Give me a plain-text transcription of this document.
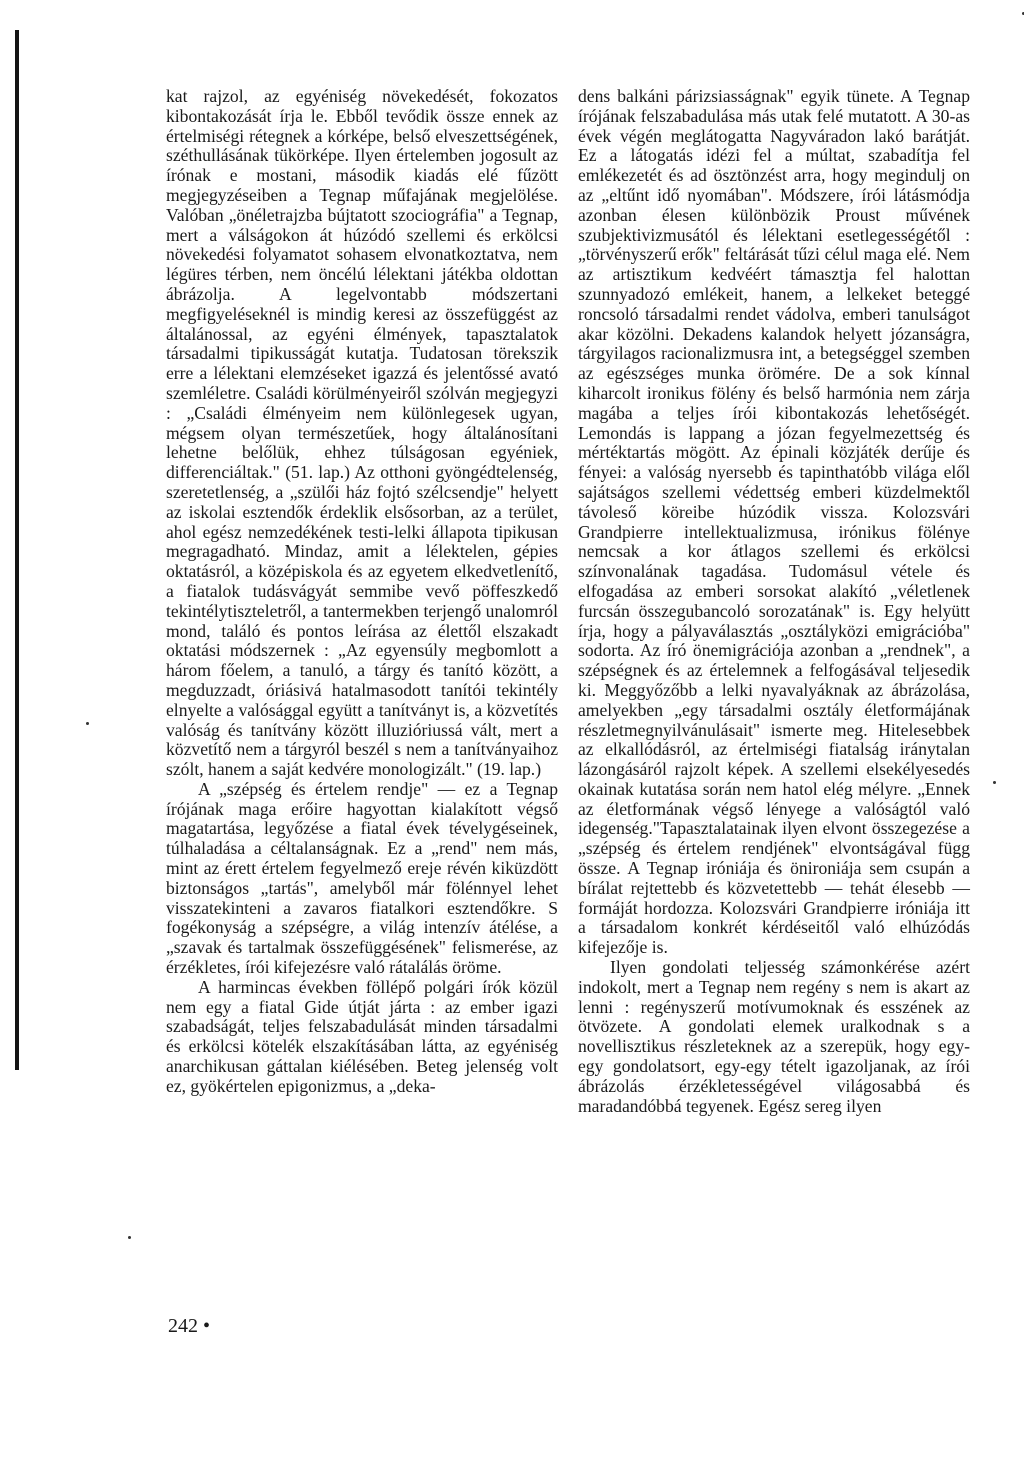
kat rajzol, az egyéniség növekedését, fokozatos kibontakozását írja le. Ebből tevődik össze ennek az értelmiségi rétegnek a kórképe, belső elveszettségének, széthullásának tükörképe. Ilyen értelemben jogosult az írónak e mostani, második kiadás elé fűzött megjegyzéseiben a Tegnap műfajának megjelölése. Valóban „önéletrajzba bújtatott szociográfia" a Tegnap, mert a válságokon át húzódó szellemi és erkölcsi növekedési folyamatot sohasem elvonatkoztatva, nem légüres térben, nem öncélú lélektani játékba oldottan ábrázolja. A legelvontabb módszertani megfigyeléseknél is mindig keresi az összefüggést az általánossal, az egyéni élmények, tapasztalatok társadalmi tipikusságát kutatja. Tudatosan törekszik erre a lélektani elemzéseket igazzá és jelentőssé avató szemléletre. Családi körülményeiről szólván megjegyzi : „Családi élményeim nem különlegesek ugyan, mégsem olyan természetűek, hogy általánosítani lehetne belőlük, ehhez túlságosan egyéniek, differenciáltak." (51. lap.) Az otthoni gyöngédtelenség, szeretetlenség, a „szülői ház fojtó szélcsendje" helyett az iskolai esztendők érdeklik elsősorban, az a terület, ahol egész nemzedékének testi-lelki állapota tipikusan megragadható. Mindaz, amit a lélektelen, gépies oktatásról, a középiskola és az egyetem elkedvetlenítő, a fiatalok tudásvágyát semmibe vevő pöffeszkedő tekintélytiszteletről, a tantermekben terjengő unalomról mond, találó és pontos leírása az élettől elszakadt oktatási módszernek : „Az egyensúly megbomlott a három főelem, a tanuló, a tárgy és tanító között, a megduzzadt, óriásivá hatalmasodott tanítói tekintély elnyelte a valósággal együtt a tanítványt is, a közvetítés valóság és tanítvány között illuzióriussá vált, mert a közvetítő nem a tárgyról beszél s nem a tanítványaihoz szólt, hanem a saját kedvére monologizált." (19. lap.)

A „szépség és értelem rendje" — ez a Tegnap írójának maga erőire hagyottan kialakított végső magatartása, legyőzése a fiatal évek tévelygéseinek, túlhaladása a céltalanságnak. Ez a „rend" nem más, mint az érett értelem fegyelmező ereje révén kiküzdött biztonságos „tartás", amelyből már fölénnyel lehet visszatekinteni a zavaros fiatalkori esztendőkre. S fogékonyság a szépségre, a világ intenzív átélése, a „szavak és tartalmak összefüggésének" felismerése, az érzékletes, írói kifejezésre való rátalálás öröme.

A harmincas években föllépő polgári írók közül nem egy a fiatal Gide útját járta : az ember igazi szabadságát, teljes felszabadulását minden társadalmi és erkölcsi kötelék elszakításában látta, az egyéniség anarchikusan gáttalan kiélésében. Beteg jelenség volt ez, gyökértelen epigonizmus, a „deka-

dens balkáni párizsiasságnak" egyik tünete. A Tegnap írójának felszabadulása más utak felé mutatott. A 30-as évek végén meglátogatta Nagyváradon lakó barátját. Ez a látogatás idézi fel a múltat, szabadítja fel emlékezetét és ad ösztönzést arra, hogy megindulj on az „eltűnt idő nyomában". Módszere, írói látásmódja azonban élesen különbözik Proust művének szubjektivizmusától és lélektani esetlegességétől : „törvényszerű erők" feltárását tűzi célul maga elé. Nem az artisztikum kedvéért támasztja fel halottan szunnyadozó emlékeit, hanem, a lelkeket beteggé roncsoló társadalmi rendet vádolva, emberi tanulságot akar közölni. Dekadens kalandok helyett józanságra, tárgyilagos racionalizmusra int, a betegséggel szemben az egészséges munka örömére. De a sok kínnal kiharcolt ironikus fölény és belső harmónia nem zárja magába a teljes írói kibontakozás lehetőségét. Lemondás is lappang a józan fegyelmezettség és mértéktartás mögött. Az épinali közjáték derűje és fényei: a valóság nyersebb és tapinthatóbb világa elől sajátságos szellemi védettség emberi küzdelmektől távoleső köreibe húzódik vissza. Kolozsvári Grandpierre intellektualizmusa, irónikus fölénye nemcsak a kor átlagos szellemi és erkölcsi színvonalának tagadása. Tudomásul vétele és elfogadása az emberi sorsokat alakító „véletlenek furcsán összegubancoló sorozatának" is. Egy helyütt írja, hogy a pályaválasztás „osztályközi emigrációba" sodorta. Az író önemigrációja azonban a „rendnek", a szépségnek és az értelemnek a felfogásával teljesedik ki. Meggyőzőbb a lelki nyavalyáknak az ábrázolása, amelyekben „egy társadalmi osztály életformájának részletmegnyilvánulásait" ismerte meg. Hitelesebbek az elkallódásról, az értelmiségi fiatalság iránytalan lázongásáról rajzolt képek. A szellemi elsekélyesedés okainak kutatása során nem hatol elég mélyre. „Ennek az életformának végső lényege a valóságtól való idegenség."Tapasztalatainak ilyen elvont összegezése a „szépség és értelem rendjének" elvontságával függ össze. A Tegnap iróniája és önironiája sem csupán a bírálat rejtettebb és közvetettebb — tehát élesebb — formáját hordozza. Kolozsvári Grandpierre iróniája itt a társadalom konkrét kérdéseitől való elhúzódás kifejezője is.

Ilyen gondolati teljesség számonkérése azért indokolt, mert a Tegnap nem regény s nem is akart az lenni : regényszerű motívumoknak és esszének az ötvözete. A gondolati elemek uralkodnak s a novellisztikus részleteknek az a szerepük, hogy egy-egy gondolatsort, egy-egy tételt igazoljanak, az írói ábrázolás érzékletességével világosabbá és maradandóbbá tegyenek. Egész sereg ilyen

242 •
